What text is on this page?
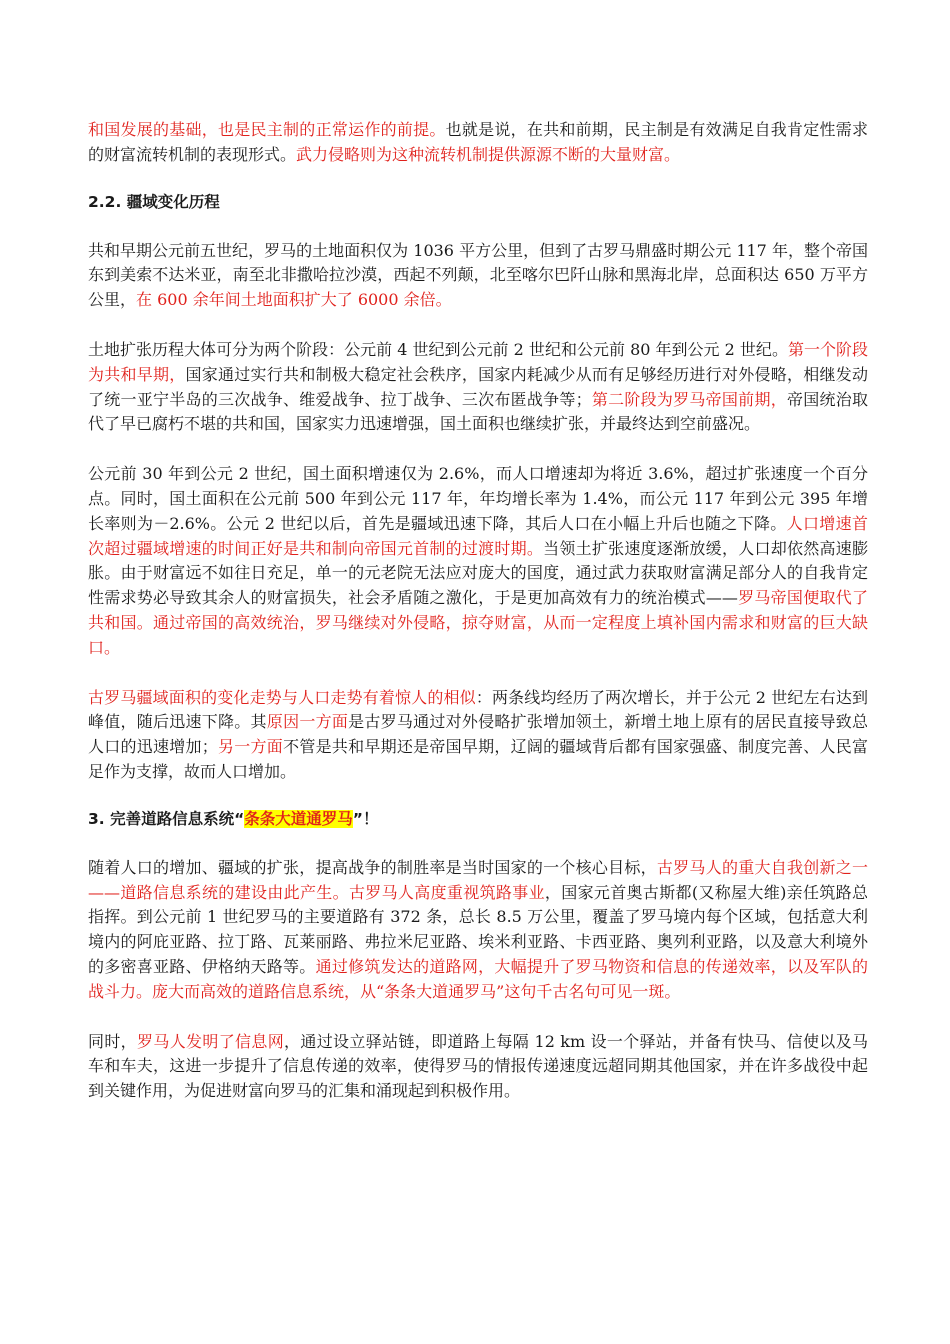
和国发展的基础，也是民主制的正常运作的前提。也就是说，在共和前期，民主制是有效满足自我肯定性需求的财富流转机制的表现形式。武力侵略则为这种流转机制提供源源不断的大量财富。

2.2. 疆域变化历程

共和早期公元前五世纪，罗马的土地面积仅为 1036 平方公里，但到了古罗马鼎盛时期公元 117 年，整个帝国东到美索不达米亚，南至北非撒哈拉沙漠，西起不列颠，北至喀尔巴阡山脉和黑海北岸，总面积达 650 万平方公里，在 600 余年间土地面积扩大了 6000 余倍。

土地扩张历程大体可分为两个阶段：公元前 4 世纪到公元前 2 世纪和公元前 80 年到公元 2 世纪。第一个阶段为共和早期，国家通过实行共和制极大稳定社会秩序，国家内耗减少从而有足够经历进行对外侵略，相继发动了统一亚宁半岛的三次战争、维爱战争、拉丁战争、三次布匿战争等；第二阶段为罗马帝国前期，帝国统治取代了早已腐朽不堪的共和国，国家实力迅速增强，国土面积也继续扩张，并最终达到空前盛况。

公元前 30 年到公元 2 世纪，国土面积增速仅为 2.6%，而人口增速却为将近 3.6%，超过扩张速度一个百分点。同时，国土面积在公元前 500 年到公元 117 年，年均增长率为 1.4%，而公元 117 年到公元 395 年增长率则为－2.6%。公元 2 世纪以后，首先是疆域迅速下降，其后人口在小幅上升后也随之下降。人口增速首次超过疆域增速的时间正好是共和制向帝国元首制的过渡时期。当领土扩张速度逐渐放缓，人口却依然高速膨胀。由于财富远不如往日充足，单一的元老院无法应对庞大的国度，通过武力获取财富满足部分人的自我肯定性需求势必导致其余人的财富损失，社会矛盾随之激化，于是更加高效有力的统治模式——罗马帝国便取代了共和国。通过帝国的高效统治，罗马继续对外侵略，掠夺财富，从而一定程度上填补国内需求和财富的巨大缺口。

古罗马疆域面积的变化走势与人口走势有着惊人的相似：两条线均经历了两次增长，并于公元 2 世纪左右达到峰值，随后迅速下降。其原因一方面是古罗马通过对外侵略扩张增加领土，新增土地上原有的居民直接导致总人口的迅速增加；另一方面不管是共和早期还是帝国早期，辽阔的疆域背后都有国家强盛、制度完善、人民富足作为支撑，故而人口增加。

3. 完善道路信息系统“条条大道通罗马”！

随着人口的增加、疆域的扩张，提高战争的制胜率是当时国家的一个核心目标，古罗马人的重大自我创新之一——道路信息系统的建设由此产生。古罗马人高度重视筑路事业，国家元首奥古斯都(又称屋大维)亲任筑路总指挥。到公元前 1 世纪罗马的主要道路有 372 条，总长 8.5 万公里，覆盖了罗马境内每个区域，包括意大利境内的阿庇亚路、拉丁路、瓦莱丽路、弗拉米尼亚路、埃米利亚路、卡西亚路、奥列利亚路，以及意大利境外的多密喜亚路、伊格纳天路等。通过修筑发达的道路网，大幅提升了罗马物资和信息的传递效率，以及军队的战斗力。庞大而高效的道路信息系统，从“条条大道通罗马”这句千古名句可见一斑。

同时，罗马人发明了信息网，通过设立驿站链，即道路上每隔 12 km 设一个驿站，并备有快马、信使以及马车和车夫，这进一步提升了信息传递的效率，使得罗马的情报传递速度远超同期其他国家，并在许多战役中起到关键作用，为促进财富向罗马的汇集和涌现起到积极作用。
